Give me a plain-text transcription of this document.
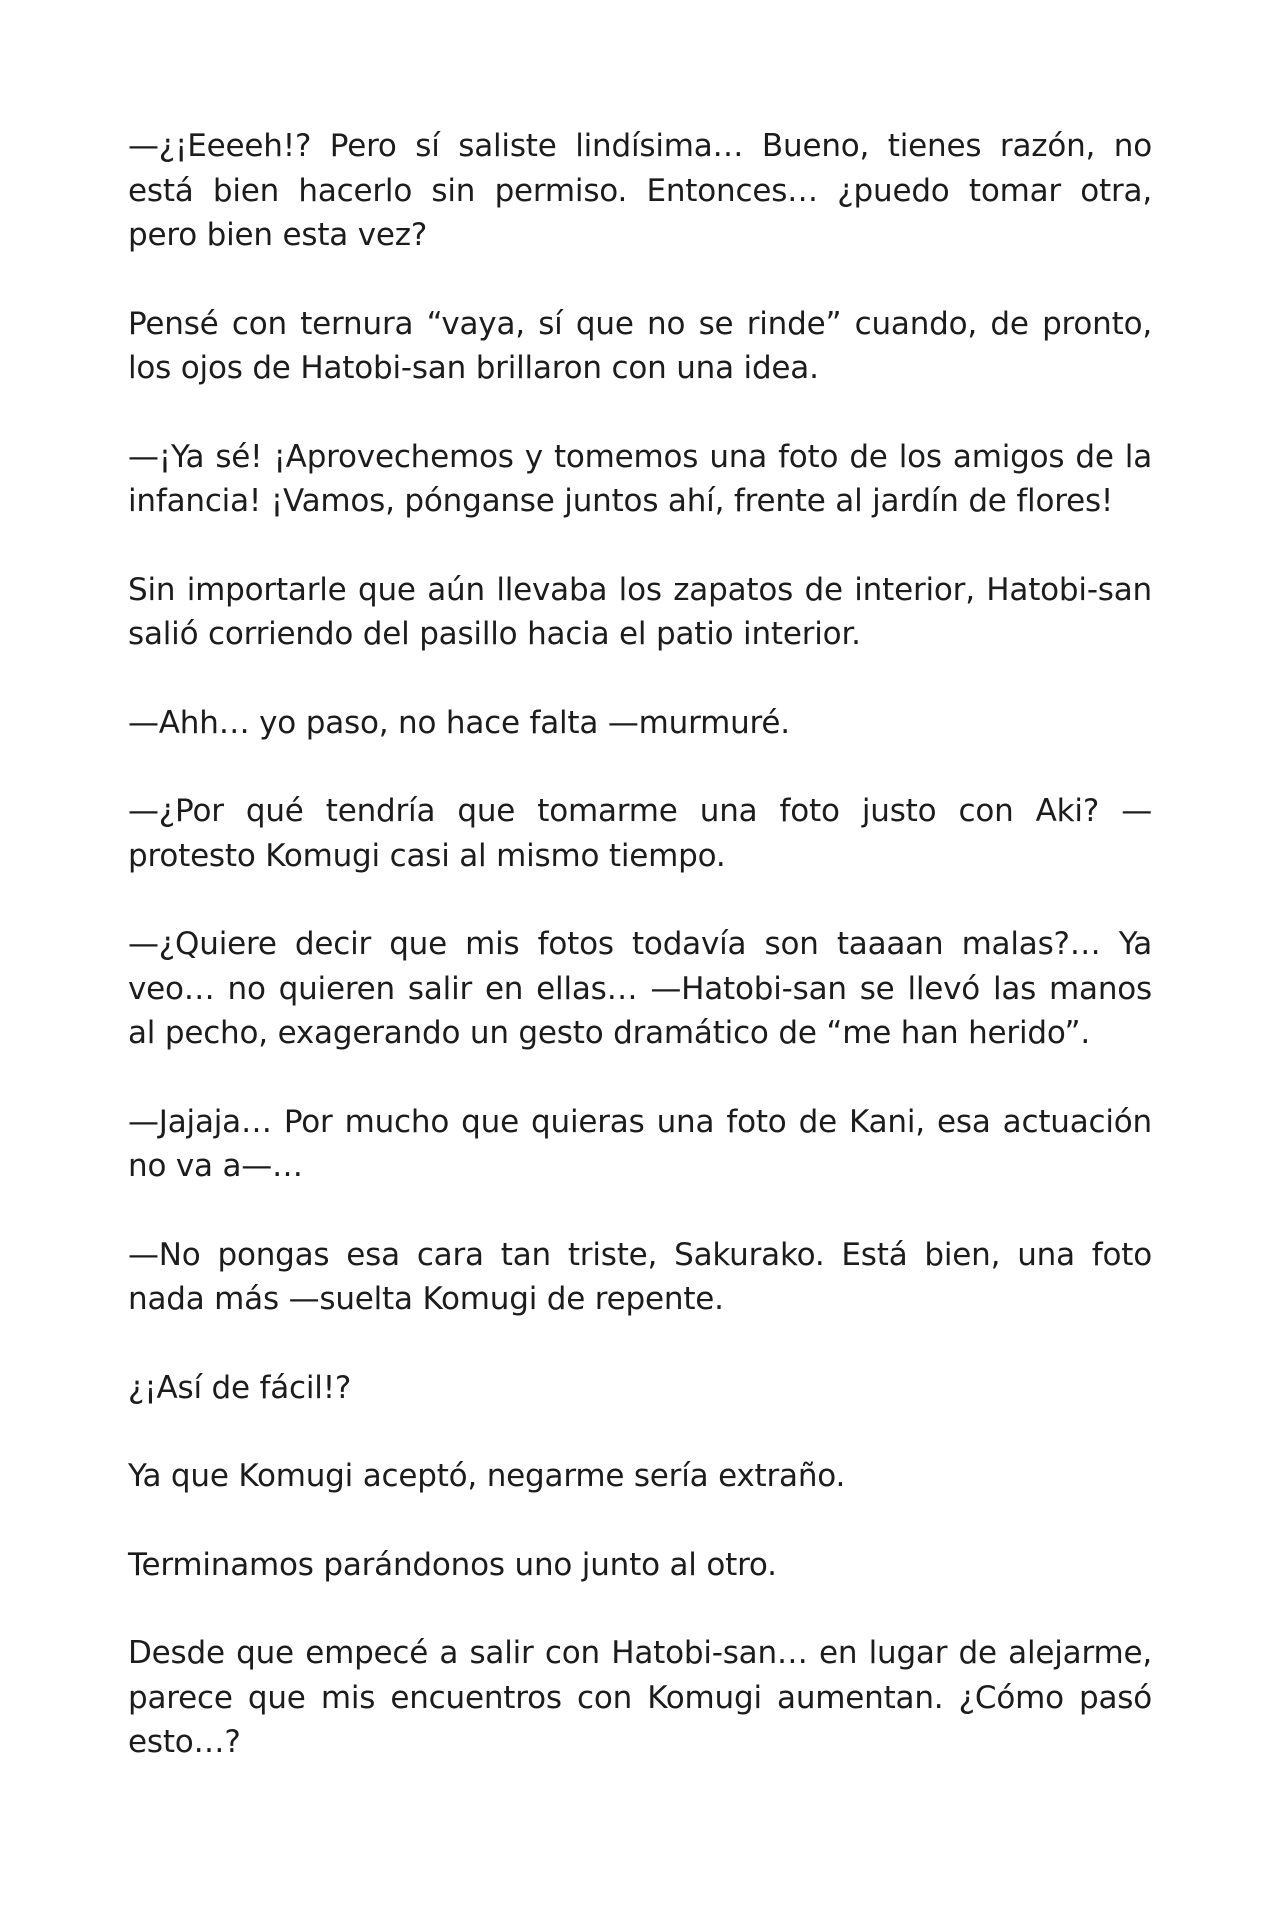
—¿¡Eeeeh!? Pero sí saliste lindísima… Bueno, tienes razón, no está bien hacerlo sin permiso. Entonces… ¿puedo tomar otra, pero bien esta vez?

Pensé con ternura “vaya, sí que no se rinde” cuando, de pronto, los ojos de Hatobi-san brillaron con una idea.

—¡Ya sé! ¡Aprovechemos y tomemos una foto de los amigos de la infancia! ¡Vamos, pónganse juntos ahí, frente al jardín de flores!

Sin importarle que aún llevaba los zapatos de interior, Hatobi-san salió corriendo del pasillo hacia el patio interior.

—Ahh… yo paso, no hace falta —murmuré.

—¿Por qué tendría que tomarme una foto justo con Aki? —protesto Komugi casi al mismo tiempo.

—¿Quiere decir que mis fotos todavía son taaaan malas?… Ya veo… no quieren salir en ellas… —Hatobi-san se llevó las manos al pecho, exagerando un gesto dramático de “me han herido”.

—Jajaja… Por mucho que quieras una foto de Kani, esa actuación no va a—…

—No pongas esa cara tan triste, Sakurako. Está bien, una foto nada más —suelta Komugi de repente.

¿¡Así de fácil!?

Ya que Komugi aceptó, negarme sería extraño.

Terminamos parándonos uno junto al otro.

Desde que empecé a salir con Hatobi-san… en lugar de alejarme, parece que mis encuentros con Komugi aumentan. ¿Cómo pasó esto…?
